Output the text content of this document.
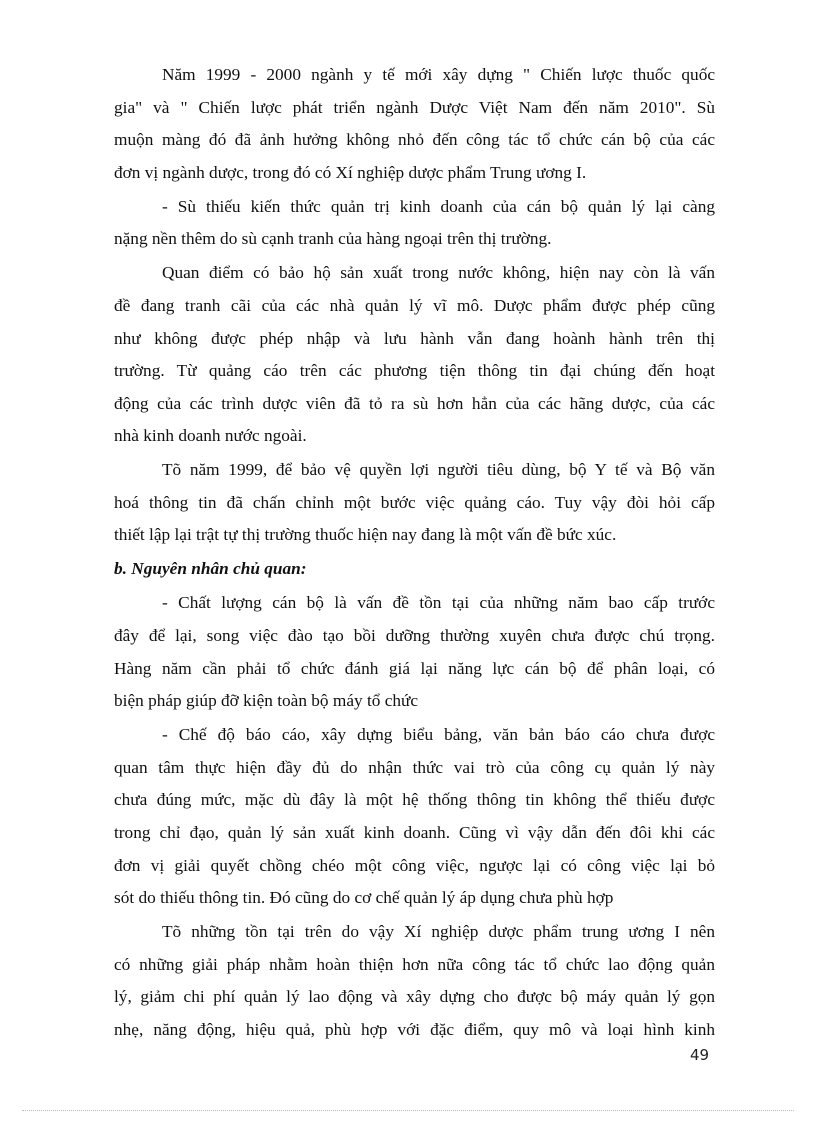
Năm 1999 - 2000 ngành y tế mới xây dựng " Chiến lược thuốc quốc
gia" và " Chiến lược phát triển ngành Dược Việt Nam đến năm 2010". Sù
muộn màng đó đã ảnh hưởng không nhỏ đến công tác tổ chức cán bộ của các
đơn vị ngành dược, trong đó có Xí nghiệp dược phẩm Trung ương I.
- Sù thiếu kiến thức quản trị kinh doanh của cán bộ quản lý lại càng
nặng nền thêm do sù cạnh tranh của hàng ngoại trên thị trường.
Quan điểm có bảo hộ sản xuất trong nước không, hiện nay còn là vấn
đề đang tranh cãi của các nhà quản lý vĩ mô. Dược phẩm được phép cũng
như không được phép nhập và lưu hành vẫn đang hoành hành trên thị
trường. Từ quảng cáo trên các phương tiện thông tin đại chúng đến hoạt
động của các trình dược viên đã tỏ ra sù hơn hẳn của các hãng dược, của các
nhà kinh doanh nước ngoài.
Tõ năm 1999, để bảo vệ quyền lợi người tiêu dùng, bộ Y tế và Bộ văn
hoá thông tin đã chấn chỉnh một bước việc quảng cáo. Tuy vậy đòi hỏi cấp
thiết lập lại trật tự thị trường thuốc hiện nay đang là một vấn đề bức xúc.
b. Nguyên nhân chủ quan:
- Chất lượng cán bộ là vấn đề tồn tại của những năm bao cấp trước
đây để lại, song việc đào tạo bồi dưỡng thường xuyên chưa được chú trọng.
Hàng năm cần phải tổ chức đánh giá lại năng lực cán bộ để phân loại, có
biện pháp giúp đỡ kiện toàn bộ máy tổ chức
- Chế độ báo cáo, xây dựng biểu bảng, văn bản báo cáo chưa được
quan tâm thực hiện đầy đủ do nhận thức vai trò của công cụ quản lý này
chưa đúng mức, mặc dù đây là một hệ thống thông tin không thể thiếu được
trong chỉ đạo, quản lý sản xuất kinh doanh. Cũng vì vậy dẫn đến đôi khi các
đơn vị giải quyết chồng chéo một công việc, ngược lại có công việc lại bỏ
sót do thiếu thông tin. Đó cũng do cơ chế quản lý áp dụng chưa phù hợp
Tõ những tồn tại trên do vậy Xí nghiệp dược phẩm trung ương I nên
có những giải pháp nhằm hoàn thiện hơn nữa công tác tổ chức lao động quản
lý, giảm chi phí quản lý lao động và xây dựng cho được bộ máy quản lý gọn
nhẹ, năng động, hiệu quả, phù hợp với đặc điểm, quy mô và loại hình kinh
49
